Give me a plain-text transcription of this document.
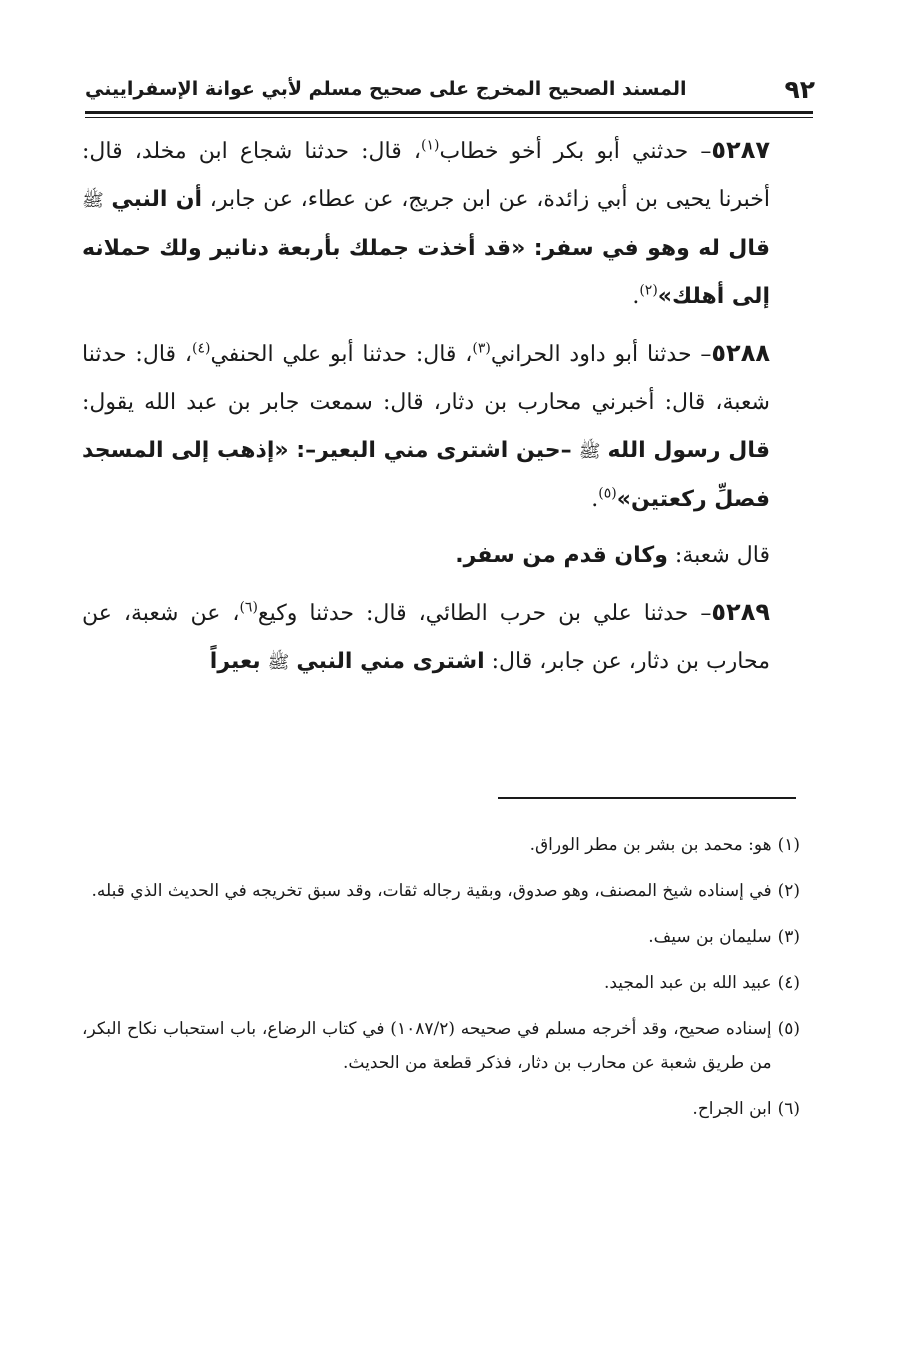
٩٢
المسند الصحيح المخرج على صحيح مسلم لأبي عوانة الإسفراييني

٥٢٨٧– حدثني أبو بكر أخو خطاب$^{(١)}$، قال: حدثنا شجاع ابن مخلد، قال: أخبرنا يحيى بن أبي زائدة، عن ابن جريج، عن عطاء، عن جابر، أن النبي ﷺ قال له وهو في سفر: «قد أخذت جملك بأربعة دنانير ولك حملانه إلى أهلك»$^{(٢)}$.

٥٢٨٨– حدثنا أبو داود الحراني$^{(٣)}$، قال: حدثنا أبو علي الحنفي$^{(٤)}$، قال: حدثنا شعبة، قال: أخبرني محارب بن دثار، قال: سمعت جابر بن عبد الله يقول: قال رسول الله ﷺ –حين اشترى مني البعير–: «إذهب إلى المسجد فصلِّ ركعتين»$^{(٥)}$.

قال شعبة: وكان قدم من سفر.

٥٢٨٩– حدثنا علي بن حرب الطائي، قال: حدثنا وكيع$^{(٦)}$، عن شعبة، عن محارب بن دثار، عن جابر، قال: اشترى مني النبي ﷺ بعيراً

(١)
هو: محمد بن بشر بن مطر الوراق.
(٢)
في إسناده شيخ المصنف، وهو صدوق، وبقية رجاله ثقات، وقد سبق تخريجه في الحديث الذي قبله.
(٣)
سليمان بن سيف.
(٤)
عبيد الله بن عبد المجيد.
(٥)
إسناده صحيح، وقد أخرجه مسلم في صحيحه (١٠٨٧/٢) في كتاب الرضاع، باب استحباب نكاح البكر، من طريق شعبة عن محارب بن دثار، فذكر قطعة من الحديث.
(٦)
ابن الجراح.
